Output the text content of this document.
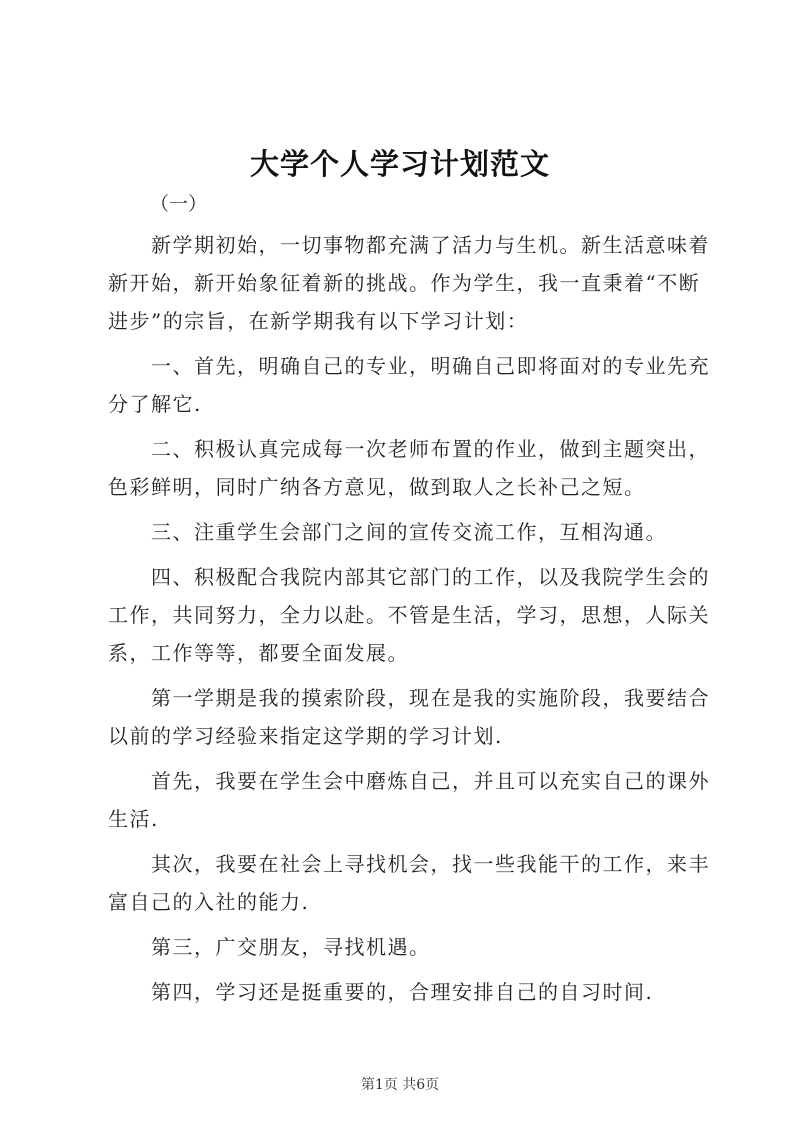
大学个人学习计划范文
（一）
新学期初始，一切事物都充满了活力与生机。新生活意味着
新开始，新开始象征着新的挑战。作为学生，我一直秉着“不断
进步”的宗旨，在新学期我有以下学习计划：
一、首先，明确自己的专业，明确自己即将面对的专业先充
分了解它.
二、积极认真完成每一次老师布置的作业，做到主题突出，
色彩鲜明，同时广纳各方意见，做到取人之长补己之短。
三、注重学生会部门之间的宣传交流工作，互相沟通。
四、积极配合我院内部其它部门的工作，以及我院学生会的
工作，共同努力，全力以赴。不管是生活，学习，思想，人际关
系，工作等等，都要全面发展。
第一学期是我的摸索阶段，现在是我的实施阶段，我要结合
以前的学习经验来指定这学期的学习计划.
首先，我要在学生会中磨炼自己，并且可以充实自己的课外
生活.
其次，我要在社会上寻找机会，找一些我能干的工作，来丰
富自己的入社的能力.
第三，广交朋友，寻找机遇。
第四，学习还是挺重要的，合理安排自己的自习时间.
第1页 共6页
